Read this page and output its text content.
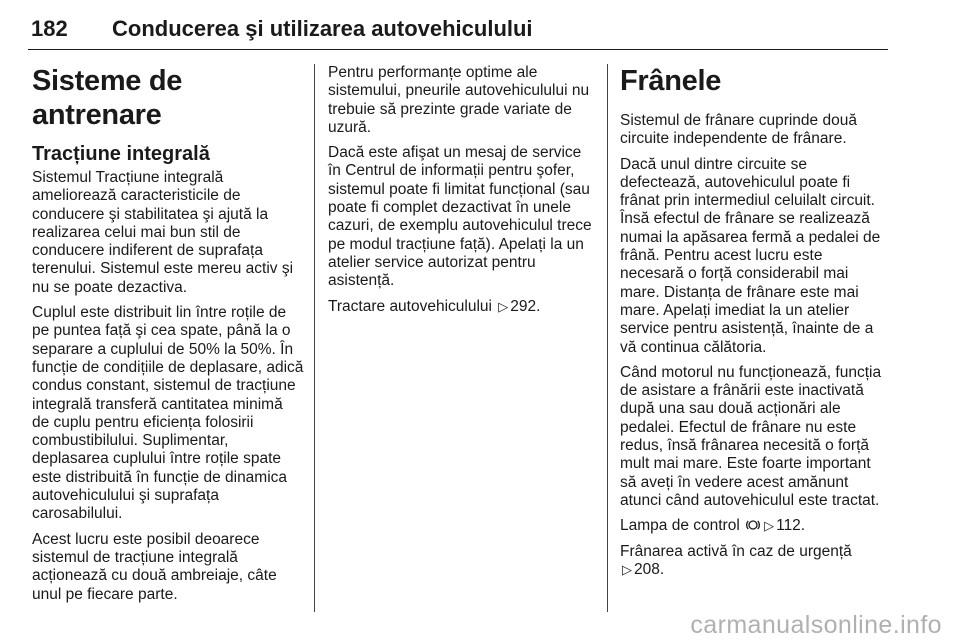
182 Conducerea şi utilizarea autovehiculului
Sisteme de antrenare
Tracțiune integrală

Sistemul Tracțiune integrală ameliorează caracteristicile de conducere şi stabilitatea şi ajută la realizarea celui mai bun stil de conducere indiferent de suprafața terenului. Sistemul este mereu activ şi nu se poate dezactiva.

Cuplul este distribuit lin între roțile de pe puntea față şi cea spate, până la o separare a cuplului de 50% la 50%. În funcție de condițiile de deplasare, adică condus constant, sistemul de tracțiune integrală transferă cantitatea minimă de cuplu pentru eficiența folosirii combustibilului. Suplimentar, deplasarea cuplului între roțile spate este distribuită în funcție de dinamica autovehiculului şi suprafața carosabilului.

Acest lucru este posibil deoarece sistemul de tracțiune integrală acționează cu două ambreiaje, câte unul pe fiecare parte.

Pentru performanțe optime ale sistemului, pneurile autovehiculului nu trebuie să prezinte grade variate de uzură.

Dacă este afişat un mesaj de service în Centrul de informații pentru şofer, sistemul poate fi limitat funcțional (sau poate fi complet dezactivat în unele cazuri, de exemplu autovehiculul trece pe modul tracțiune față). Apelați la un atelier service autorizat pentru asistență.

Tractare autovehiculului ▷ 292.

Frânele

Sistemul de frânare cuprinde două circuite independente de frânare.

Dacă unul dintre circuite se defectează, autovehiculul poate fi frânat prin intermediul celuilalt circuit. Însă efectul de frânare se realizează numai la apăsarea fermă a pedalei de frână. Pentru acest lucru este necesară o forță considerabil mai mare. Distanța de frânare este mai mare. Apelați imediat la un atelier service pentru asistență, înainte de a vă continua călătoria.

Când motorul nu funcționează, funcția de asistare a frânării este inactivată după una sau două acționări ale pedalei. Efectul de frânare nu este redus, însă frânarea necesită o forță mult mai mare. Este foarte important să aveți în vedere acest amănunt atunci când autovehiculul este tractat.

Lampa de control ▷ 112.

Frânarea activă în caz de urgență
▷ 208.

carmanualsonline.info
